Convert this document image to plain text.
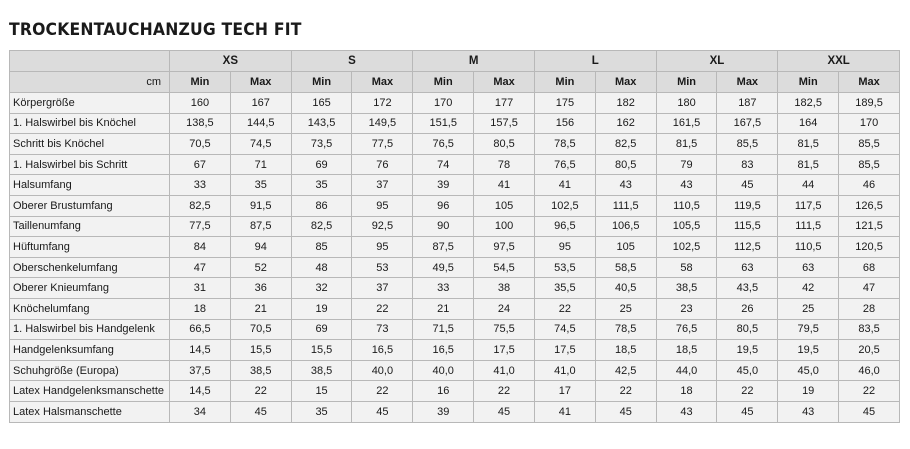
TROCKENTAUCHANZUG TECH FIT
	XS		S		M		L		XL		XXL	
cm	Min	Max	Min	Max	Min	Max	Min	Max	Min	Max	Min	Max
Körpergröße	160	167	165	172	170	177	175	182	180	187	182,5	189,5
1. Halswirbel bis Knöchel	138,5	144,5	143,5	149,5	151,5	157,5	156	162	161,5	167,5	164	170
Schritt bis Knöchel	70,5	74,5	73,5	77,5	76,5	80,5	78,5	82,5	81,5	85,5	81,5	85,5
1. Halswirbel bis Schritt	67	71	69	76	74	78	76,5	80,5	79	83	81,5	85,5
Halsumfang	33	35	35	37	39	41	41	43	43	45	44	46
Oberer Brustumfang	82,5	91,5	86	95	96	105	102,5	111,5	110,5	119,5	117,5	126,5
Taillenumfang	77,5	87,5	82,5	92,5	90	100	96,5	106,5	105,5	115,5	111,5	121,5
Hüftumfang	84	94	85	95	87,5	97,5	95	105	102,5	112,5	110,5	120,5
Oberschenkelumfang	47	52	48	53	49,5	54,5	53,5	58,5	58	63	63	68
Oberer Knieumfang	31	36	32	37	33	38	35,5	40,5	38,5	43,5	42	47
Knöchelumfang	18	21	19	22	21	24	22	25	23	26	25	28
1. Halswirbel bis Handgelenk	66,5	70,5	69	73	71,5	75,5	74,5	78,5	76,5	80,5	79,5	83,5
Handgelenksumfang	14,5	15,5	15,5	16,5	16,5	17,5	17,5	18,5	18,5	19,5	19,5	20,5
Schuhgröße (Europa)	37,5	38,5	38,5	40,0	40,0	41,0	41,0	42,5	44,0	45,0	45,0	46,0
Latex Handgelenksmanschette	14,5	22	15	22	16	22	17	22	18	22	19	22
Latex Halsmanschette	34	45	35	45	39	45	41	45	43	45	43	45
